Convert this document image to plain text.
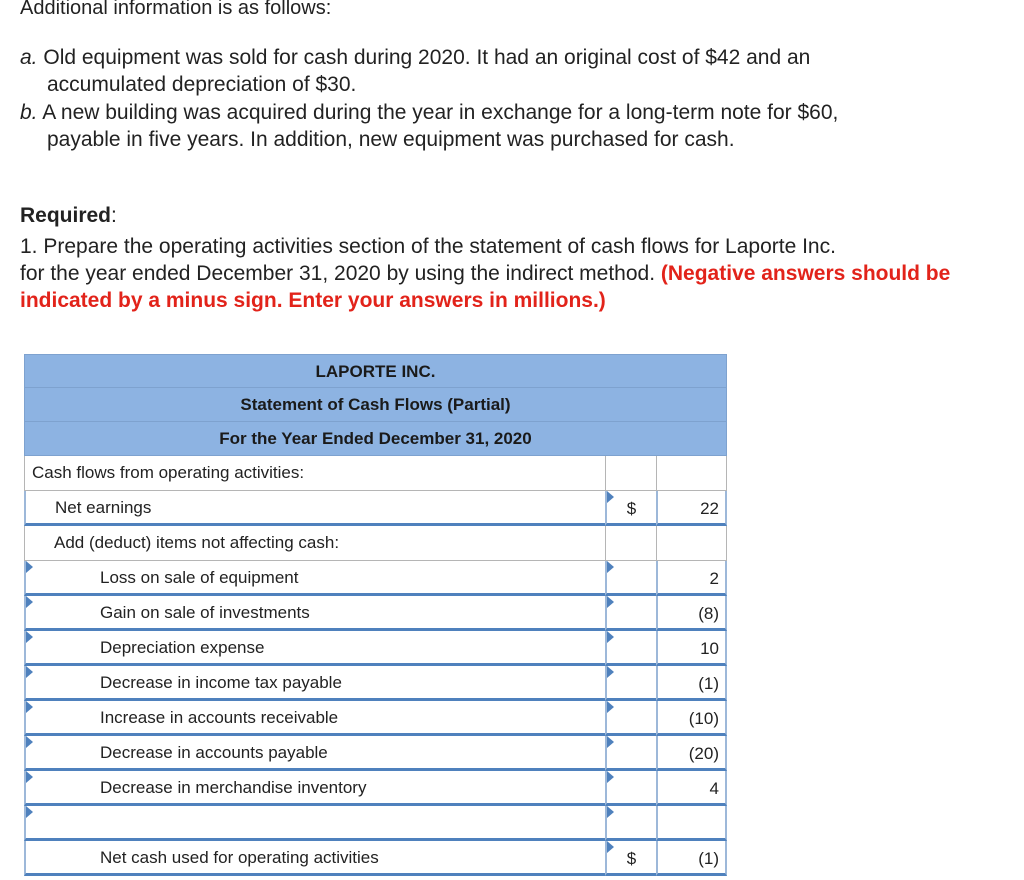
Additional information is as follows:

a. Old equipment was sold for cash during 2020. It had an original cost of $42 and an
accumulated depreciation of $30.
b. A new building was acquired during the year in exchange for a long-term note for $60,
payable in five years. In addition, new equipment was purchased for cash.
Required:
1. Prepare the operating activities section of the statement of cash flows for Laporte Inc.
for the year ended December 31, 2020 by using the indirect method. (Negative answers should be indicated by a minus sign. Enter your answers in millions.)
LAPORTE INC.
Statement of Cash Flows (Partial)
For the Year Ended December 31, 2020
Cash flows from operating activities:
Net earnings	$	22
Add (deduct) items not affecting cash:
Loss on sale of equipment	2
Gain on sale of investments	(8)
Depreciation expense	10
Decrease in income tax payable	(1)
Increase in accounts receivable	(10)
Decrease in accounts payable	(20)
Decrease in merchandise inventory	4
Net cash used for operating activities	$	(1)
